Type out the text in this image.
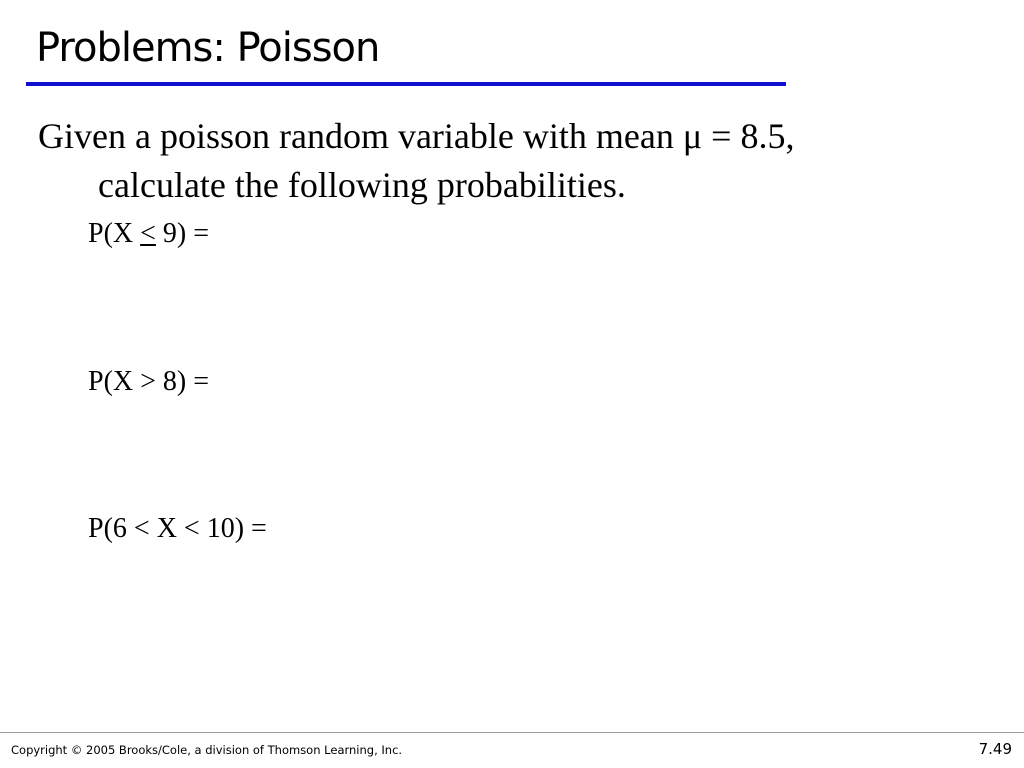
Problems: Poisson
Given a poisson random variable with mean μ = 8.5,
calculate the following probabilities.
P(X ≤ 9) =
P(X > 8) =
P(6 < X < 10) =
Copyright © 2005 Brooks/Cole, a division of Thomson Learning, Inc.	7.49
